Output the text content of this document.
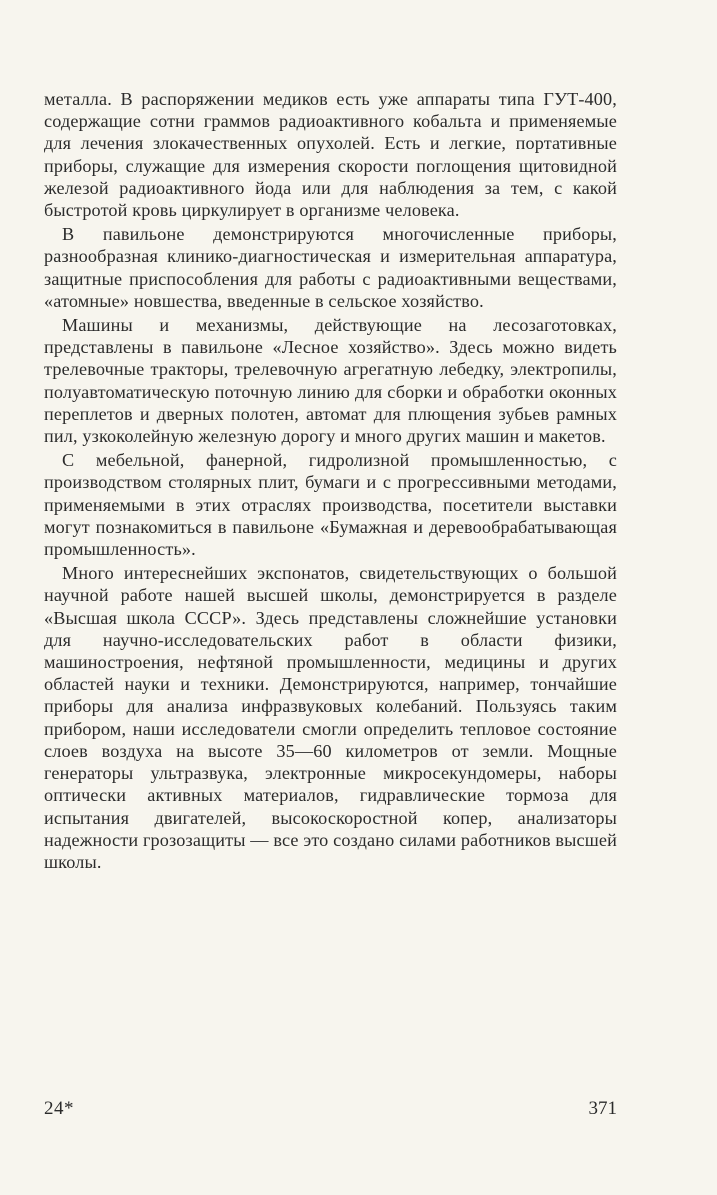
металла. В распоряжении медиков есть уже аппараты типа ГУТ-400, содержащие сотни граммов радиоактивного кобальта и применяемые для лечения злокачественных опухолей. Есть и легкие, портативные приборы, служащие для измерения скорости поглощения щитовидной железой радиоактивного йода или для наблюдения за тем, с какой быстротой кровь циркулирует в организме человека.

В павильоне демонстрируются многочисленные приборы, разнообразная клинико-диагностическая и измерительная аппаратура, защитные приспособления для работы с радиоактивными веществами, «атомные» новшества, введенные в сельское хозяйство.

Машины и механизмы, действующие на лесозаготовках, представлены в павильоне «Лесное хозяйство». Здесь можно видеть трелевочные тракторы, трелевочную агрегатную лебедку, электропилы, полуавтоматическую поточную линию для сборки и обработки оконных переплетов и дверных полотен, автомат для плющения зубьев рамных пил, узкоколейную железную дорогу и много других машин и макетов.

С мебельной, фанерной, гидролизной промышленностью, с производством столярных плит, бумаги и с прогрессивными методами, применяемыми в этих отраслях производства, посетители выставки могут познакомиться в павильоне «Бумажная и деревообрабатывающая промышленность».

Много интереснейших экспонатов, свидетельствующих о большой научной работе нашей высшей школы, демонстрируется в разделе «Высшая школа СССР». Здесь представлены сложнейшие установки для научно-исследовательских работ в области физики, машиностроения, нефтяной промышленности, медицины и других областей науки и техники. Демонстрируются, например, тончайшие приборы для анализа инфразвуковых колебаний. Пользуясь таким прибором, наши исследователи смогли определить тепловое состояние слоев воздуха на высоте 35—60 километров от земли. Мощные генераторы ультразвука, электронные микросекундомеры, наборы оптически активных материалов, гидравлические тормоза для испытания двигателей, высокоскоростной копер, анализаторы надежности грозозащиты — все это создано силами работников высшей школы.

24*	371
